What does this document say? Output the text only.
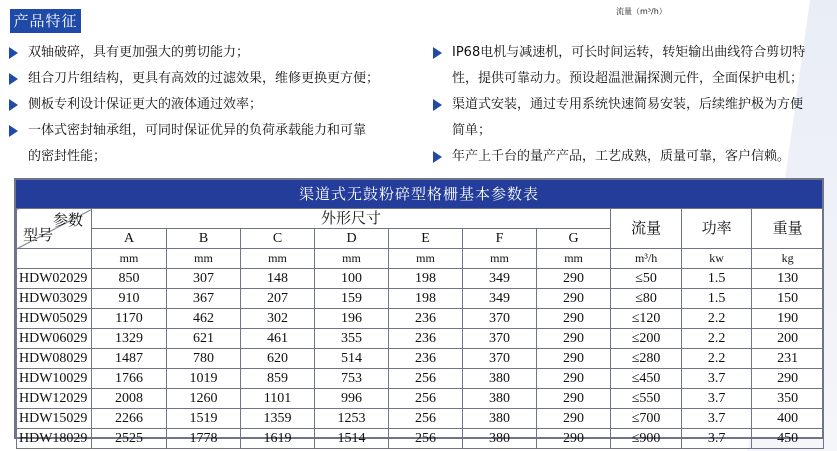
产品特征
流量（m³/h）
双轴破碎，具有更加强大的剪切能力；
组合刀片组结构，更具有高效的过滤效果，维修更换更方便；
侧板专利设计保证更大的液体通过效率；
一体式密封轴承组，可同时保证优异的负荷承载能力和可靠
的密封性能；
IP68电机与减速机，可长时间运转，转矩输出曲线符合剪切特
性，提供可靠动力。预设超温泄漏探测元件，全面保护电机；
渠道式安装，通过专用系统快速简易安装，后续维护极为方便
简单；
年产上千台的量产产品，工艺成熟，质量可靠，客户信赖。
渠道式无鼓粉碎型格栅基本参数表
参数
型号	外形尺寸							流量	功率	重量
	A	B	C	D	E	F	G			
	mm	mm	mm	mm	mm	mm	mm	m³/h	kw	kg
HDW02029	850	307	148	100	198	349	290	≤50	1.5	130
HDW03029	910	367	207	159	198	349	290	≤80	1.5	150
HDW05029	1170	462	302	196	236	370	290	≤120	2.2	190
HDW06029	1329	621	461	355	236	370	290	≤200	2.2	200
HDW08029	1487	780	620	514	236	370	290	≤280	2.2	231
HDW10029	1766	1019	859	753	256	380	290	≤450	3.7	290
HDW12029	2008	1260	1101	996	256	380	290	≤550	3.7	350
HDW15029	2266	1519	1359	1253	256	380	290	≤700	3.7	400
HDW18029	2525	1778	1619	1514	256	380	290	≤900	3.7	450
